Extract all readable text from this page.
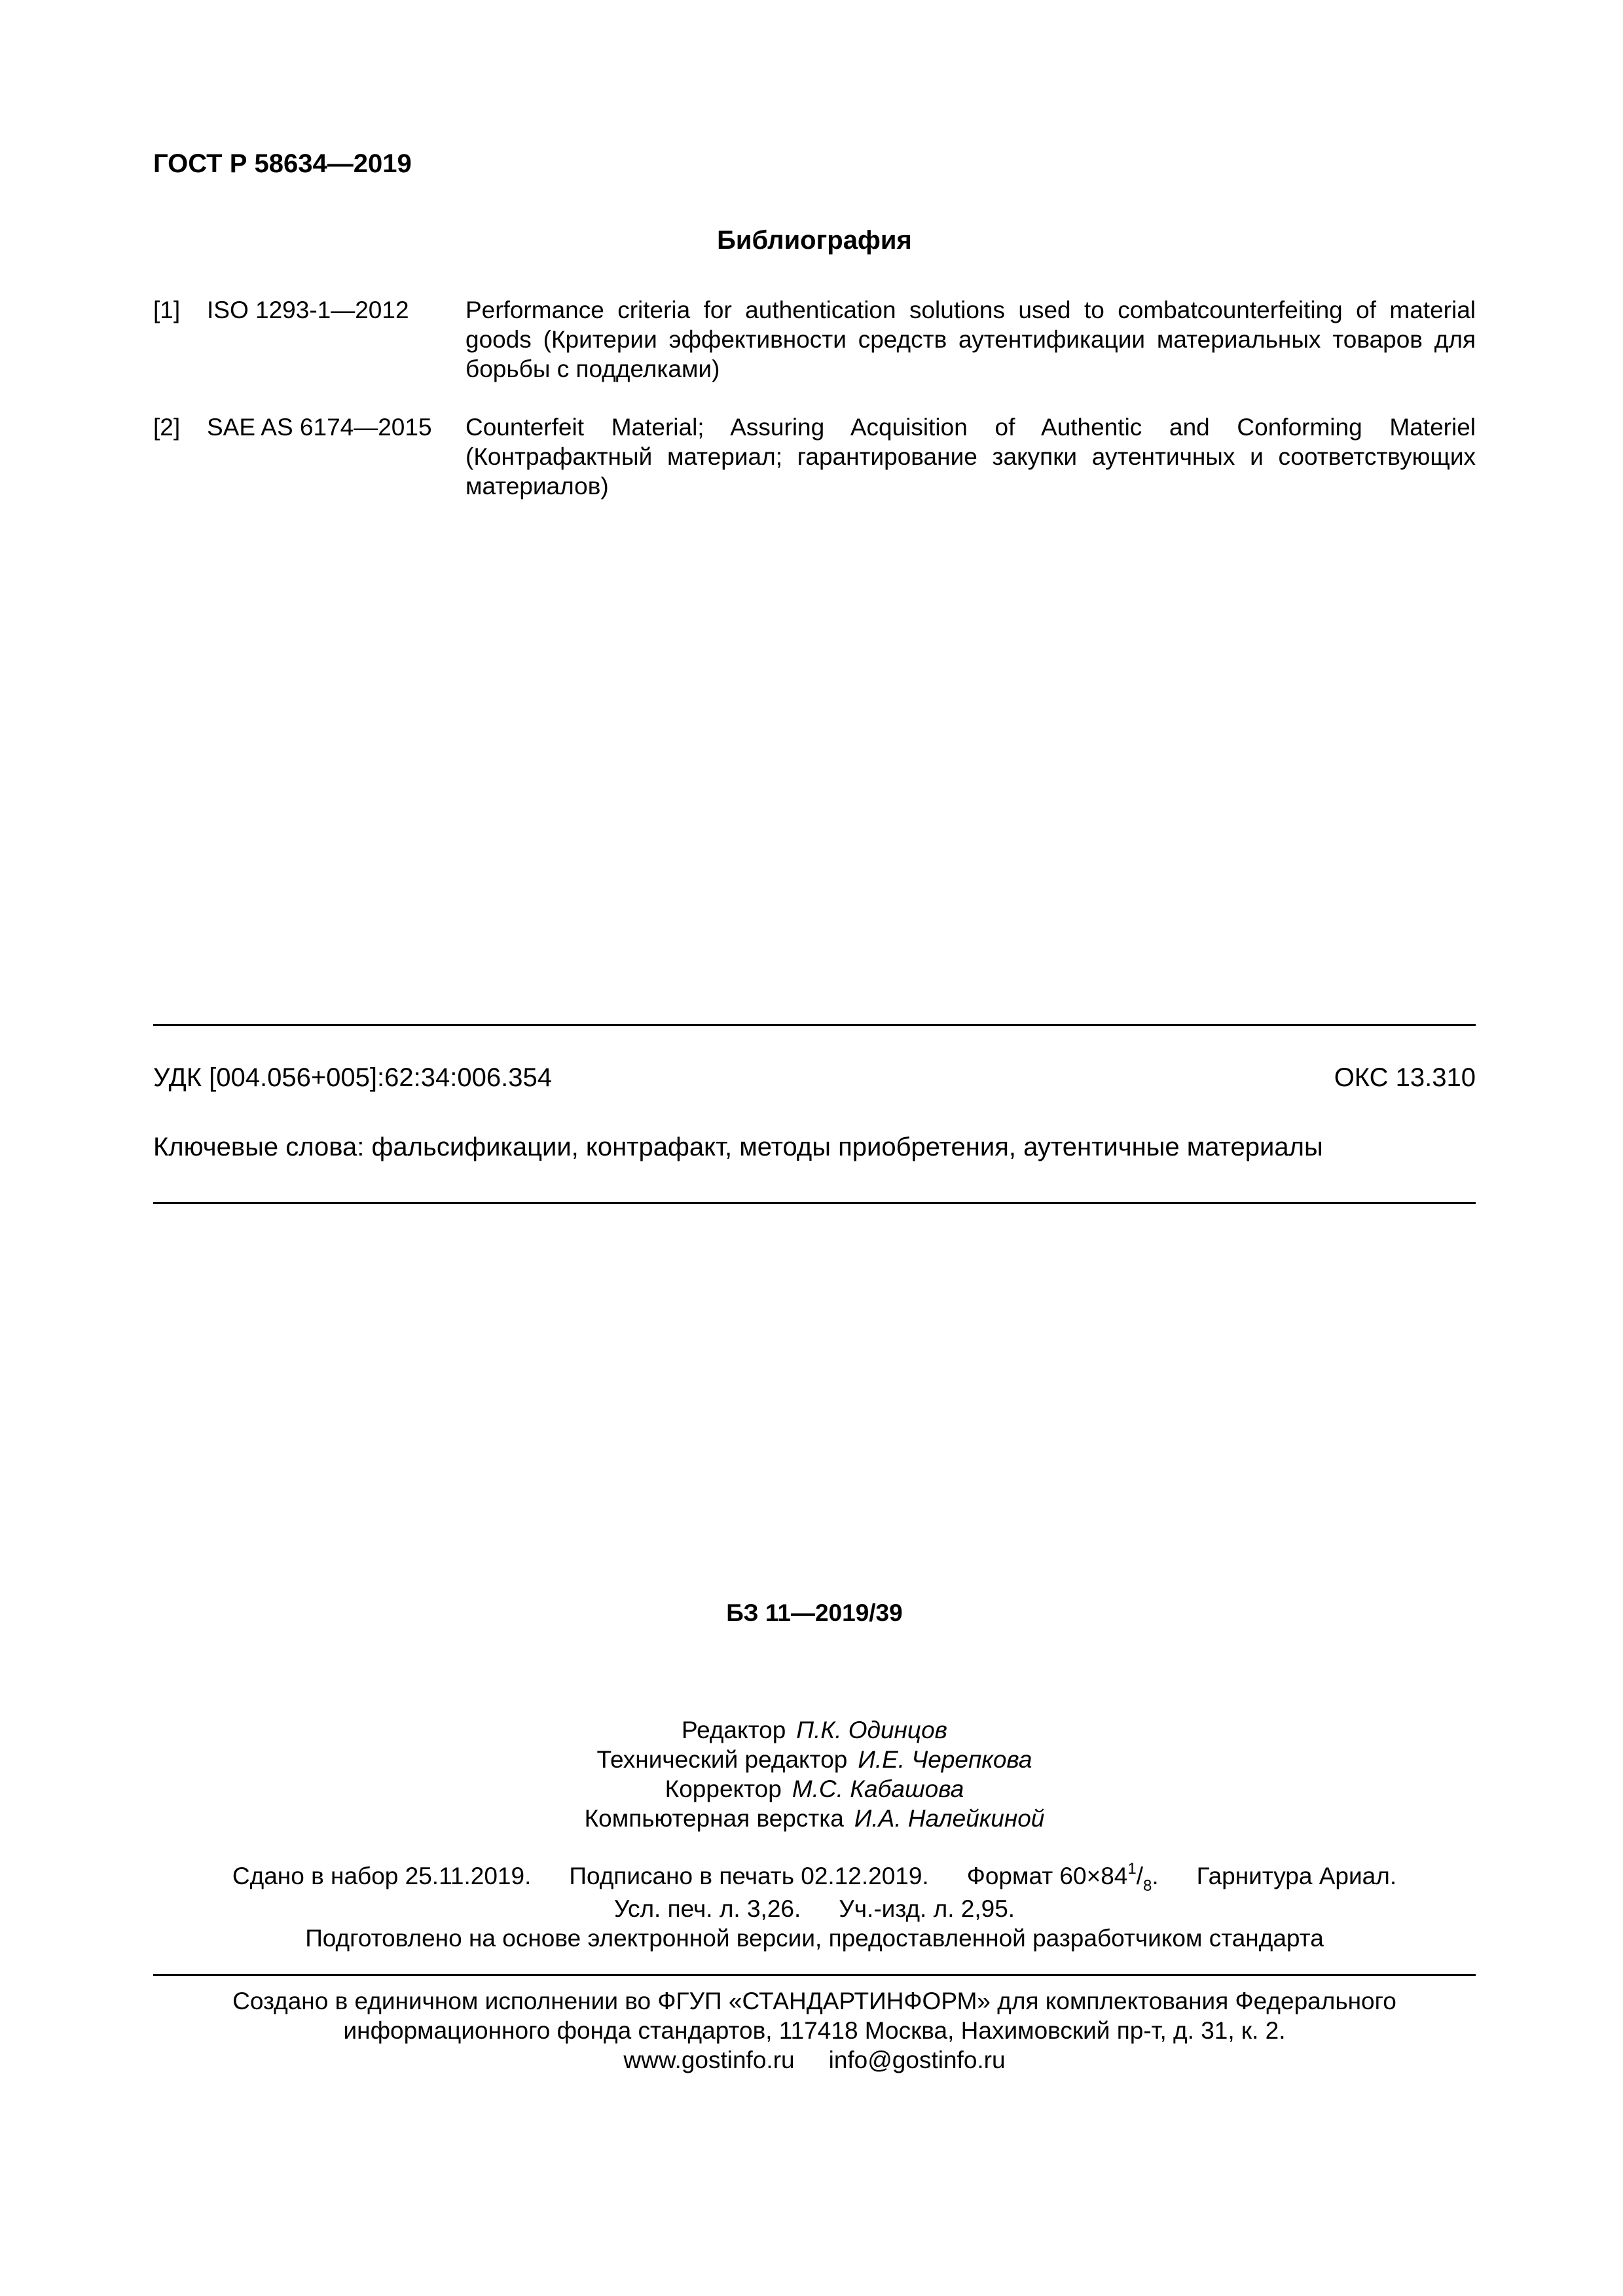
ГОСТ Р 58634—2019
Библиография
[1] ISO 1293-1—2012 Performance criteria for authentication solutions used to combatcounterfeiting of material goods (Критерии эффективности средств аутентификации материальных товаров для борьбы с подделками)
[2] SAE AS 6174—2015 Counterfeit Material; Assuring Acquisition of Authentic and Conforming Materiel (Контрафактный материал; гарантирование закупки аутентичных и соответствующих материалов)
УДК [004.056+005]:62:34:006.354	ОКС 13.310
Ключевые слова: фальсификации, контрафакт, методы приобретения, аутентичные материалы
БЗ 11—2019/39
Редактор П.К. Одинцов
Технический редактор И.Е. Черепкова
Корректор М.С. Кабашова
Компьютерная верстка И.А. Налейкиной
Сдано в набор 25.11.2019. Подписано в печать 02.12.2019. Формат $60\times 84^1/_8$. Гарнитура Ариал.
Усл. печ. л. 3,26. Уч.-изд. л. 2,95.
Подготовлено на основе электронной версии, предоставленной разработчиком стандарта
Создано в единичном исполнении во ФГУП «СТАНДАРТИНФОРМ» для комплектования Федерального
информационного фонда стандартов, 117418 Москва, Нахимовский пр-т, д. 31, к. 2.
www.gostinfo.ru info@gostinfo.ru
